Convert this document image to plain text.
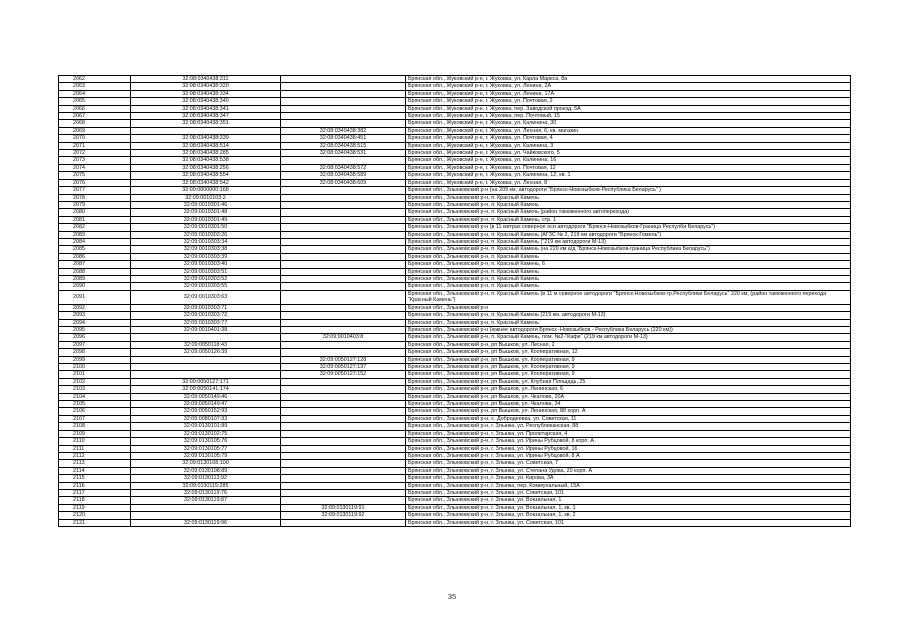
2062	32:08:0340438:311		Брянская обл., Жуковский р-н, г. Жуковка, ул. Карла Маркса, 8а
2063	32:08:0340438:320		Брянская обл., Жуковский р-н, г. Жуковка, ул. Ленина, 2А
2064	32:08:0340438:334		Брянская обл., Жуковский р-н, г. Жуковка, ул. Ленина, 17А
2065	32:08:0340438:340		Брянская обл., Жуковский р-н, г. Жуковка, ул. Почтовая, 2
2066	32:08:0340438:341		Брянская обл., Жуковский р-н, г. Жуковка, пер. Заводской проезд, 5А
2067	32:08:0340438:347		Брянская обл., Жуковский р-н, г. Жуковка, пер. Почтовый, 15
2068	32:08:0340438:351		Брянская обл., Жуковский р-н, г. Жуковка, ул. Калинина, 30
2069		32:08:0340438:382	Брянская обл., Жуковский р-н, г. Жуковка, ул. Лесная, 6, кв. магазин
2070	32:08:0340438:339	32:08:0340438:451	Брянская обл., Жуковский р-н, г. Жуковка, ул. Почтовая, 4
2071	32:08:0340438:514	32:08:0340438:515	Брянская обл., Жуковский р-н, г. Жуковка, ул. Калинина, 3
2072	32:08:0340438:285	32:08:0340438:531	Брянская обл., Жуковский р-н, г. Жуковка, ул. Чайковского, 5
2073	32:08:0340438:538		Брянская обл., Жуковский р-н, г. Жуковка, ул. Калинина, 16
2074	32:08:0340438:256	32:08:0340438:572	Брянская обл., Жуковский р-н, г. Жуковка, ул. Почтовая, 12
2075	32:08:0340438:554	32:08:0340438:589	Брянская обл., Жуковский р-н, г. Жуковка, ул. Калинина, 12, кв. 1
2076	32:08:0340438:542	32:08:0340438:609	Брянская обл., Жуковский р-н, г. Жуковка, ул. Лесная, 8
2077	32:09:0000000:168		Брянская обл., Злынковский р-н (на 209 км. автодороги "Брянск-Новозыбков-Республика Беларусь" )
2078	32:09:0010103:2		Брянская обл., Злынковский р-н, п. Красный Камень
2079	32:09:0010301:46		Брянская обл., Злынковский р-н, п. Красный Камень
2080	32:09:0010301:48		Брянская обл., Злынковский р-н, п. Красный Камень (район таможенного автоперехода)
2081	32:09:0010301:49		Брянская обл., Злынковский р-н, п. Красный Камень, стр. 1
2082	32:09:0010301:50		Брянская обл., Злынковский р-н (в 11 метрах северное оси автодороги "Брянск-Новозыбков-Граница Респулби Беларусь")
2083	32:09:0010303:26		Брянская обл., Злынковский р-н, п. Красный Камень (АГЗС № 2, 219 км автодороги "Брянск-Гомель")
2084	32:09:0010303:34		Брянская обл., Злынковский р-н, п. Красный Камень ("219 км автодороги М-13)
2085	32:09:0010303:38		Брянская обл., Злынковский р-н, п. Красный Камень (на 220 км а/д "Брянск-Новозыбков-граница Республика Беларусь")
2086	32:09:0010303:39		Брянская обл., Злынковский р-н, п. Красный Камень
2087	32:09:0010303:40		Брянская обл., Злынковский р-н, п. Красный Камень, 6
2088	32:09:0010303:51		Брянская обл., Злынковский р-н, п. Красный Камень
2089	32:09:0010303:52		Брянская обл., Злынковский р-н, п. Красный Камень
2090	32:09:0010303:55		Брянская обл., Злынковский р-н, п. Красный Камень
2091	32:09:0010303:63		Брянская обл., Злынковский р-н, п. Красный Камень (в 11 м северное автодороги "Брянск-Новозыбков-гр.Республики Беларусь" 220 км, (район таможенного перехода "Красный Камень")
2092	32:09:0010303:71		Брянская обл., Злынковский р-н
2093	32:09:0010303:72		Брянская обл., Злынковский р-н, п. Красный Камень (219 км. автодороги М-13)
2094	32:09:0010303:77		Брянская обл., Злынковский р-н, п. Красный Камень
2095	32:09:0010401:38		Брянская обл., Злынковский р-н (южнее автодороги Брянск -Новозыбков - Республика Беларусь (220 км))
2096		32:09:0010403:8	Брянская обл., Злынковский р-н, п. Красный Камень, пом. №2-"Кафе" (219 км автодороги М-13)
2097	32:09:0050118:43		Брянская обл., Злынковский р-н, рп Вышков, ул. Лесная, 2
2098	32:09:0050126:39		Брянская обл., Злынковский р-н, рп Вышков, ул. Кооперативная, 12
2099		32:09:0050127:128	Брянская обл., Злынковский р-н, рп Вышков, ул. Кооперативная, 9
2100		32:09:0050127:137	Брянская обл., Злынковский р-н, рп Вышков, ул. Кооперативная, 9
2101		32:09:0050127:152	Брянская обл., Злынковский р-н, рп Вышков, ул. Кооперативная, 9
2102	32:09:0050127:171		Брянская обл., Злынковский р-н, рп Вышков, ул. Клубная Площадь, 25
2103	32:09:0050141:174		Брянская обл., Злынковский р-н, рп Вышков, ул. Ленинская, 6
2104	32:09:0050149:46		Брянская обл., Злынковский р-н, рп Вышков, ул. Чкалова, 20А
2105	32:09:0050149:47		Брянская обл., Злынковский р-н, рп Вышков, ул. Чкалова, 34
2106	32:09:0050152:93		Брянская обл., Злынковский р-н, рп Вышков, ул. Ленинская, 88 корп. А
2107	32:09:0080107:33		Брянская обл., Злынковский р-н, с. Добродеевка, ул. Советская, 11
2108	32:09:0130101:89		Брянская обл., Злынковский р-н, г. Злынка, ул. Республиканская, 88
2109	32:09:0130102:75		Брянская обл., Злынковский р-н, г. Злынка, ул. Пролетарская, 4
2110	32:09:0130105:76		Брянская обл., Злынковский р-н, г. Злынка, ул. Ирины Рубцовой, 8 корп. А
2111	32:09:0130105:77		Брянская обл., Злынковский р-н, г. Злынка, ул. Ирины Рубцовой, 16
2112	32:09:0130105:79		Брянская обл., Злынковский р-н, г. Злынка, ул. Ирины Рубцовой, 8 А
2113	32:09:0130108:100		Брянская обл., Злынковский р-н, г. Злынка, ул. Советская, 7
2114	32:09:0130108:89		Брянская обл., Злынковский р-н, г. Злынка, ул. Степана Удова, 20 корп. А
2115	32:09:0130113:92		Брянская обл., Злынковский р-н, г. Злынка, ул. Кирова, 3А
2116	32:09:0130115:285		Брянская обл., Злынковский р-н, г. Злынка, пер. Коммунальный, 15А
2117	32:09:0130119:76		Брянская обл., Злынковский р-н, г. Злынка, ул. Советская, 101
2118	32:09:0130119:87		Брянская обл., Злынковский р-н, г. Злынка, ул. Вокзальная, 1
2119		32:09:0130119:91	Брянская обл., Злынковский р-н, г. Злынка, ул. Вокзальная, 1, кв. 1
2120		32:09:0130119:92	Брянская обл., Злынковский р-н, г. Злынка, ул. Вокзальная, 1, кв. 2
2121	32:09:0130119:96		Брянская обл., Злынковский р-н, г. Злынка, ул. Советская, 101
35
